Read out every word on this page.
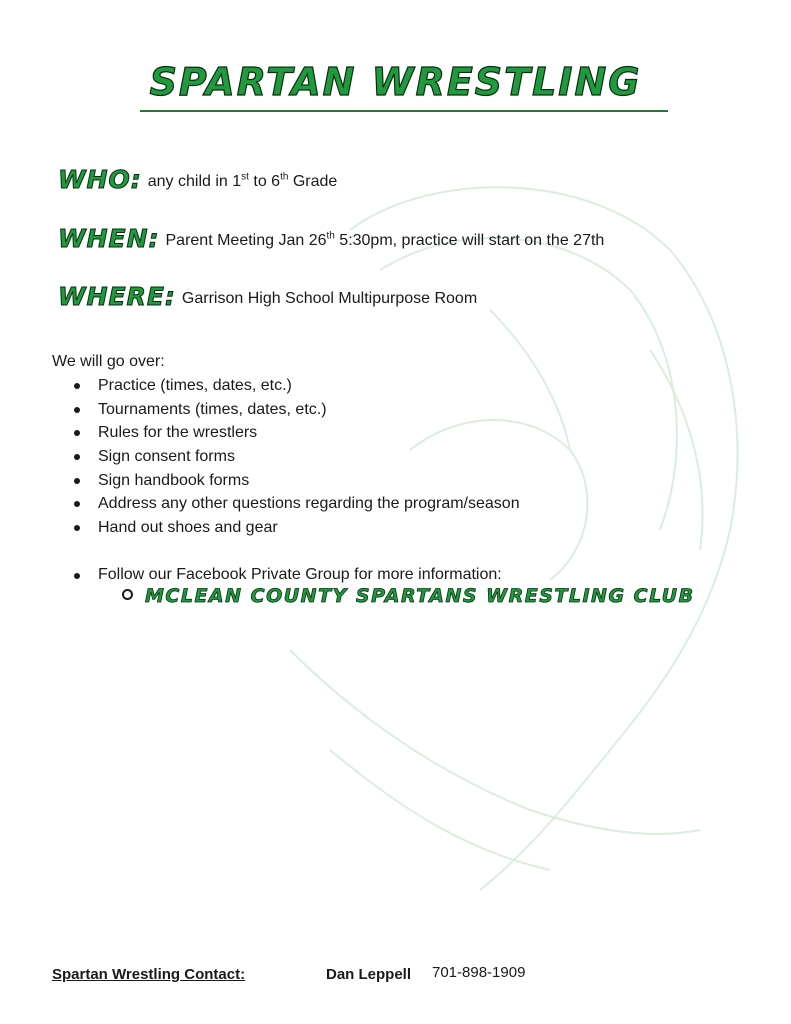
SPARTAN WRESTLING
WHO: any child in 1st to 6th Grade
WHEN: Parent Meeting Jan 26th 5:30pm, practice will start on the 27th
WHERE: Garrison High School Multipurpose Room
We will go over:
Practice (times, dates, etc.)
Tournaments (times, dates, etc.)
Rules for the wrestlers
Sign consent forms
Sign handbook forms
Address any other questions regarding the program/season
Hand out shoes and gear
Follow our Facebook Private Group for more information:
MCLEAN COUNTY SPARTANS WRESTLING CLUB
Spartan Wrestling Contact:	Dan Leppell 701-898-1909
